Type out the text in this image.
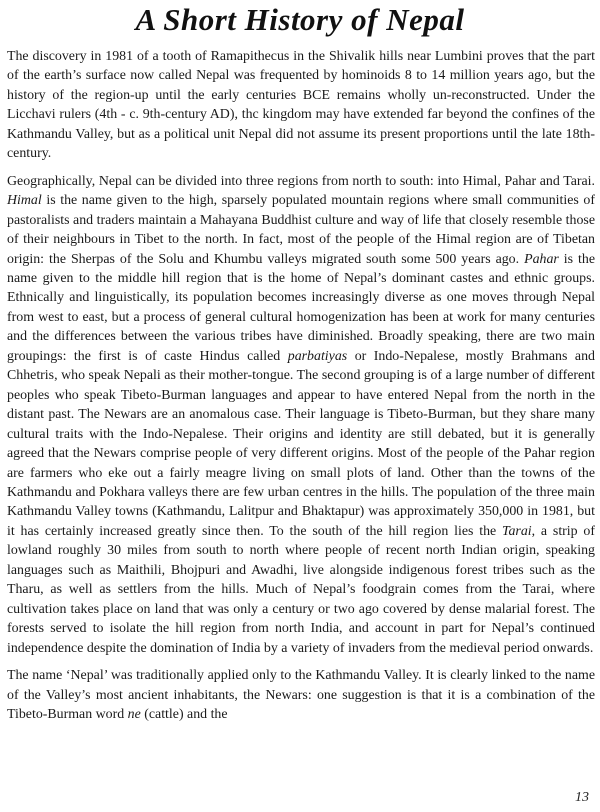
A Short History of Nepal

The discovery in 1981 of a tooth of Ramapithecus in the Shivalik hills near Lumbini proves that the part of the earth’s surface now called Nepal was frequented by hominoids 8 to 14 million years ago, but the history of the region-up until the early centuries BCE remains wholly un-reconstructed. Under the Licchavi rulers (4th - c. 9th-century AD), thc kingdom may have extended far beyond the confines of the Kathmandu Valley, but as a political unit Nepal did not assume its present proportions until the late 18th-century.

Geographically, Nepal can be divided into three regions from north to south: into Himal, Pahar and Tarai. Himal is the name given to the high, sparsely populated mountain regions where small communities of pastoralists and traders maintain a Mahayana Buddhist culture and way of life that closely resemble those of their neighbours in Tibet to the north. In fact, most of the people of the Himal region are of Tibetan origin: the Sherpas of the Solu and Khumbu valleys migrated south some 500 years ago. Pahar is the name given to the middle hill region that is the home of Nepal’s dominant castes and ethnic groups. Ethnically and linguistically, its population becomes increasingly diverse as one moves through Nepal from west to east, but a process of general cultural homogenization has been at work for many centuries and the differences between the various tribes have diminished. Broadly speaking, there are two main groupings: the first is of caste Hindus called parbatiyas or Indo-Nepalese, mostly Brahmans and Chhetris, who speak Nepali as their mother-tongue. The second grouping is of a large number of different peoples who speak Tibeto-Burman languages and appear to have entered Nepal from the north in the distant past. The Newars are an anomalous case. Their language is Tibeto-Burman, but they share many cultural traits with the Indo-Nepalese. Their origins and identity are still debated, but it is generally agreed that the Newars comprise people of very different origins. Most of the people of the Pahar region are farmers who eke out a fairly meagre living on small plots of land. Other than the towns of the Kathmandu and Pokhara valleys there are few urban centres in the hills. The population of the three main Kathmandu Valley towns (Kathmandu, Lalitpur and Bhaktapur) was approximately 350,000 in 1981, but it has certainly increased greatly since then. To the south of the hill region lies the Tarai, a strip of lowland roughly 30 miles from south to north where people of recent north Indian origin, speaking languages such as Maithili, Bhojpuri and Awadhi, live alongside indigenous forest tribes such as the Tharu, as well as settlers from the hills. Much of Nepal’s foodgrain comes from the Tarai, where cultivation takes place on land that was only a century or two ago covered by dense malarial forest. The forests served to isolate the hill region from north India, and account in part for Nepal’s continued independence despite the domination of India by a variety of invaders from the medieval period onwards.

The name ‘Nepal’ was traditionally applied only to the Kathmandu Valley. It is clearly linked to the name of the Valley’s most ancient inhabitants, the Newars: one suggestion is that it is a combination of the Tibeto-Burman word ne (cattle) and the

13
